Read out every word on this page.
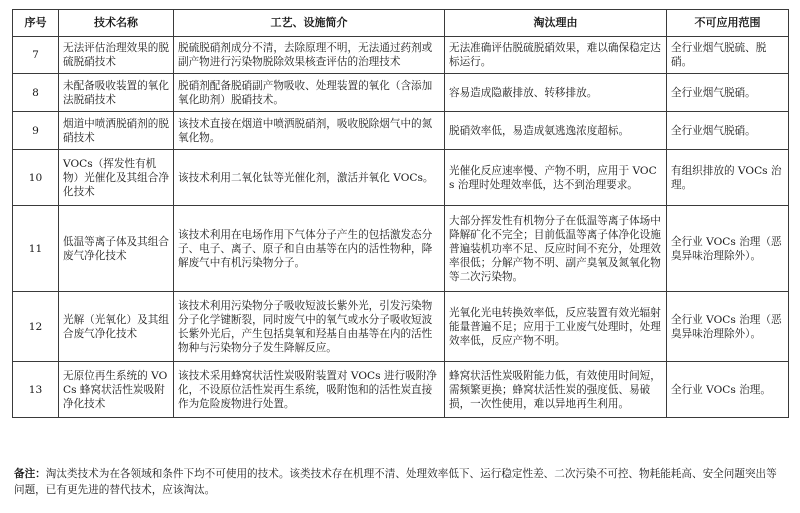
序号	技术名称	工艺、设施简介	淘汰理由	不可应用范围
7	无法评估治理效果的脱硫脱硝技术	脱硫脱硝剂成分不清，去除原理不明，无法通过药剂或副产物进行污染物脱除效果核查评估的治理技术	无法准确评估脱硫脱硝效果，难以确保稳定达标运行。	全行业烟气脱硫、脱硝。
8	未配备吸收装置的氧化法脱硝技术	脱硝剂配备脱硝副产物吸收、处理装置的氧化（含添加氧化助剂）脱硝技术。	容易造成隐蔽排放、转移排放。	全行业烟气脱硝。
9	烟道中喷洒脱硝剂的脱硝技术	该技术直接在烟道中喷洒脱硝剂，吸收脱除烟气中的氮氧化物。	脱硝效率低，易造成氨逃逸浓度超标。	全行业烟气脱硝。
10	VOCs（挥发性有机物）光催化及其组合净化技术	该技术利用二氧化钛等光催化剂，激活并氧化 VOCs。	光催化反应速率慢、产物不明，应用于 VOCs 治理时处理效率低，达不到治理要求。	有组织排放的 VOCs 治理。
11	低温等离子体及其组合废气净化技术	该技术利用在电场作用下气体分子产生的包括激发态分子、电子、离子、原子和自由基等在内的活性物种，降解废气中有机污染物分子。	大部分挥发性有机物分子在低温等离子体场中降解矿化不完全；目前低温等离子体净化设施普遍装机功率不足、反应时间不充分，处理效率很低；分解产物不明、副产臭氧及氮氧化物等二次污染物。	全行业 VOCs 治理（恶臭异味治理除外）。
12	光解（光氧化）及其组合废气净化技术	该技术利用污染物分子吸收短波长紫外光，引发污染物分子化学键断裂，同时废气中的氧气或水分子吸收短波长紫外光后，产生包括臭氧和羟基自由基等在内的活性物种与污染物分子发生降解反应。	光氧化光电转换效率低，反应装置有效光辐射能量普遍不足；应用于工业废气处理时，处理效率低，反应产物不明。	全行业 VOCs 治理（恶臭异味治理除外）。
13	无原位再生系统的 VOCs 蜂窝状活性炭吸附净化技术	该技术采用蜂窝状活性炭吸附装置对 VOCs 进行吸附净化，不设原位活性炭再生系统，吸附饱和的活性炭直接作为危险废物进行处置。	蜂窝状活性炭吸附能力低，有效使用时间短，需频繁更换；蜂窝状活性炭的强度低、易破损，一次性使用，难以异地再生利用。	全行业 VOCs 治理。
备注：淘汰类技术为在各领域和条件下均不可使用的技术。该类技术存在机理不清、处理效率低下、运行稳定性差、二次污染不可控、物耗能耗高、安全问题突出等问题，已有更先进的替代技术，应该淘汰。
